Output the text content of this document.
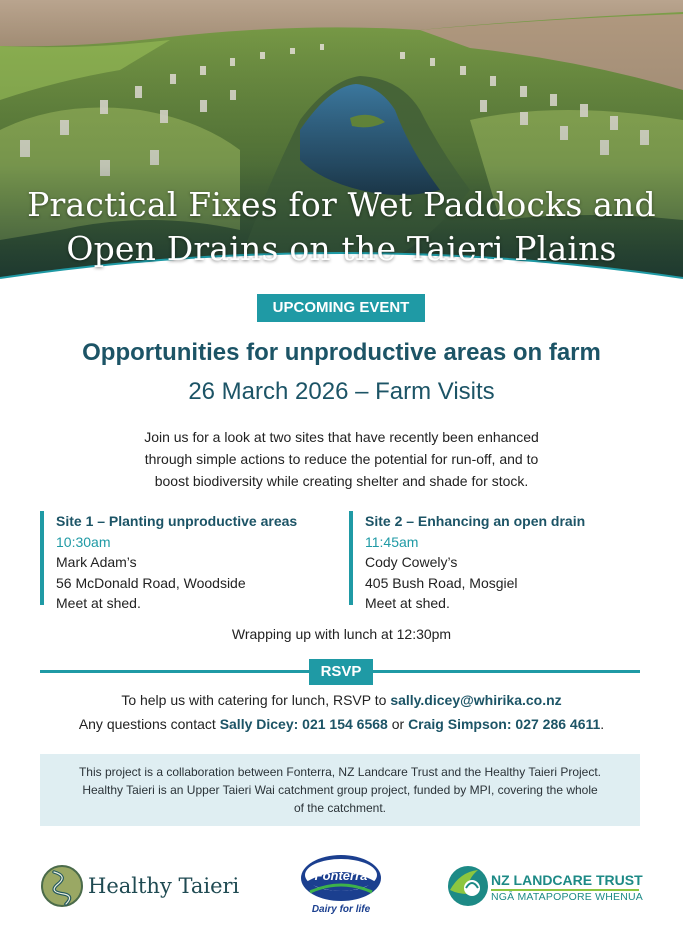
Practical Fixes for Wet Paddocks and
Open Drains on the Taieri Plains
UPCOMING EVENT
Opportunities for unproductive areas on farm
26 March 2026 – Farm Visits
Join us for a look at two sites that have recently been enhanced
through simple actions to reduce the potential for run-off, and to
boost biodiversity while creating shelter and shade for stock.
Site 1 – Planting unproductive areas
10:30am
Mark Adam’s
56 McDonald Road, Woodside
Meet at shed.
Site 2 – Enhancing an open drain
11:45am
Cody Cowely’s
405 Bush Road, Mosgiel
Meet at shed.
Wrapping up with lunch at 12:30pm
RSVP
To help us with catering for lunch, RSVP to sally.dicey@whirika.co.nz
Any questions contact Sally Dicey: 021 154 6568 or Craig Simpson: 027 286 4611.
This project is a collaboration between Fonterra, NZ Landcare Trust and the Healthy Taieri Project.
Healthy Taieri is an Upper Taieri Wai catchment group project, funded by MPI, covering the whole
of the catchment.
Healthy Taieri	Fonterra
Dairy for life
NZ LANDCARE TRUST
NGĀ MATAPOPORE WHENUA
